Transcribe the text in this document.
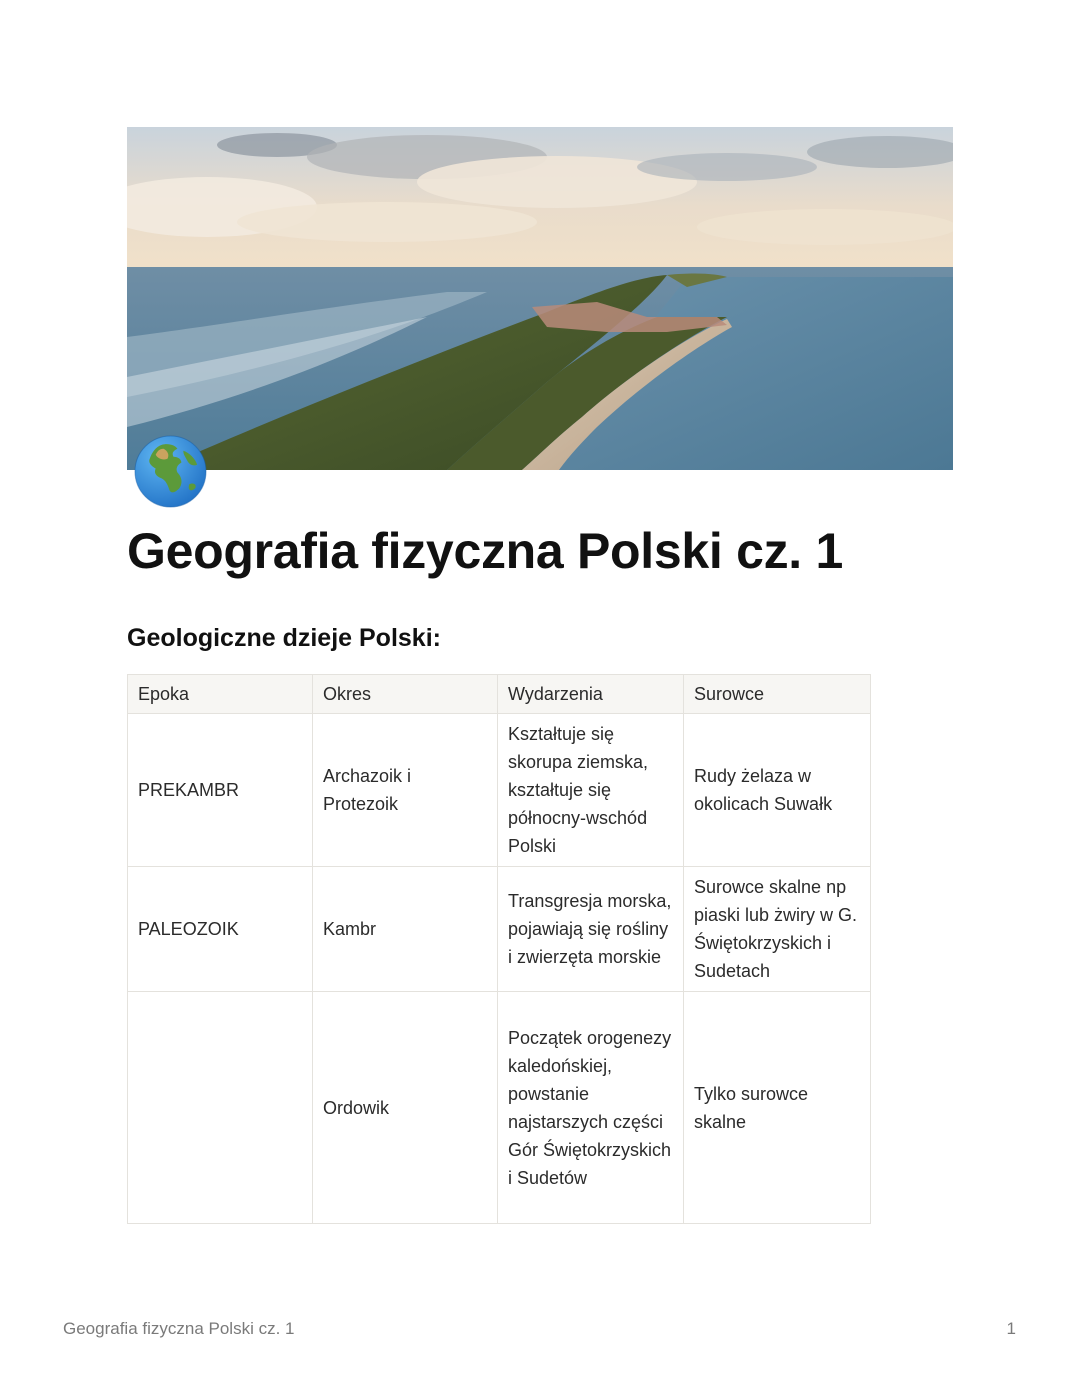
Geografia fizyczna Polski cz. 1
Geologiczne dzieje Polski:
Epoka	Okres	Wydarzenia	Surowce
PREKAMBR	Archazoik i Protezoik	Kształtuje się skorupa ziemska, kształtuje się północny-wschód Polski	Rudy żelaza w okolicach Suwałk
PALEOZOIK	Kambr	Transgresja morska, pojawiają się rośliny i zwierzęta morskie	Surowce skalne np piaski lub żwiry w G. Świętokrzyskich i Sudetach
	Ordowik	Początek orogenezy kaledońskiej, powstanie najstarszych części Gór Świętokrzyskich i Sudetów	Tylko surowce skalne
Geografia fizyczna Polski cz. 1	1
